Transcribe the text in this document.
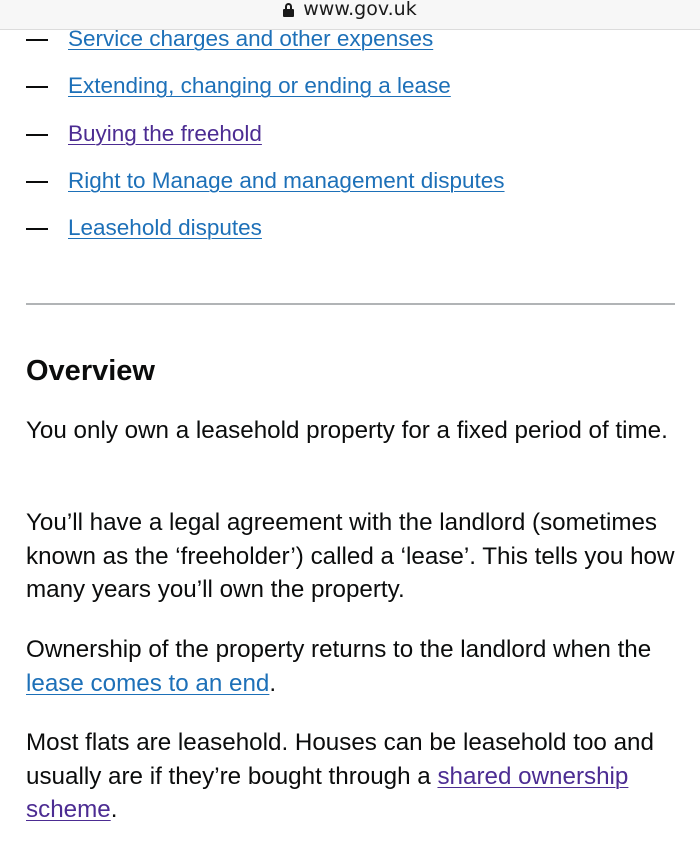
www.gov.uk
Service charges and other expenses
Extending, changing or ending a lease
Buying the freehold
Right to Manage and management disputes
Leasehold disputes
Overview

You only own a leasehold property for a fixed period of time.

You’ll have a legal agreement with the landlord (sometimes known as the ‘freeholder’) called a ‘lease’. This tells you how many years you’ll own the property.

Ownership of the property returns to the landlord when the lease comes to an end.

Most flats are leasehold. Houses can be leasehold too and usually are if they’re bought through a shared ownership scheme.
